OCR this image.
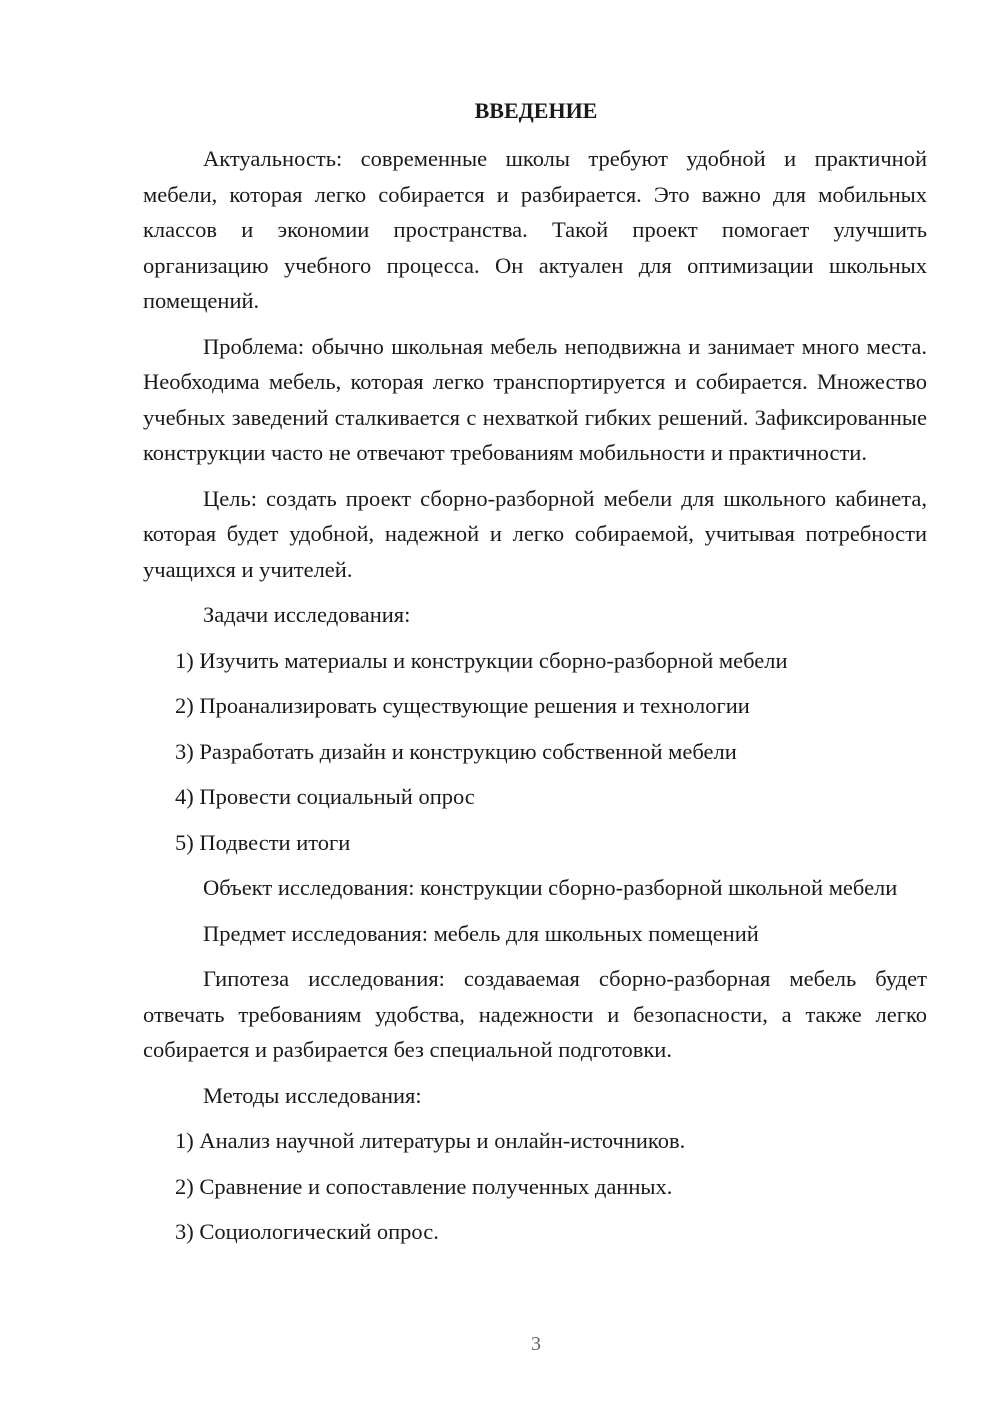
ВВЕДЕНИЕ

Актуальность: современные школы требуют удобной и практичной мебели, которая легко собирается и разбирается. Это важно для мобильных классов и экономии пространства. Такой проект помогает улучшить организацию учебного процесса. Он актуален для оптимизации школьных помещений.

Проблема: обычно школьная мебель неподвижна и занимает много места. Необходима мебель, которая легко транспортируется и собирается. Множество учебных заведений сталкивается с нехваткой гибких решений. Зафиксированные конструкции часто не отвечают требованиям мобильности и практичности.

Цель: создать проект сборно-разборной мебели для школьного кабинета, которая будет удобной, надежной и легко собираемой, учитывая потребности учащихся и учителей.

Задачи исследования:

1) Изучить материалы и конструкции сборно-разборной мебели

2) Проанализировать существующие решения и технологии

3) Разработать дизайн и конструкцию собственной мебели

4) Провести социальный опрос

5) Подвести итоги

Объект исследования: конструкции сборно-разборной школьной мебели

Предмет исследования: мебель для школьных помещений

Гипотеза исследования: создаваемая сборно-разборная мебель будет отвечать требованиям удобства, надежности и безопасности, а также легко собирается и разбирается без специальной подготовки.

Методы исследования:

1) Анализ научной литературы и онлайн-источников.

2) Сравнение и сопоставление полученных данных.

3) Социологический опрос.

3
